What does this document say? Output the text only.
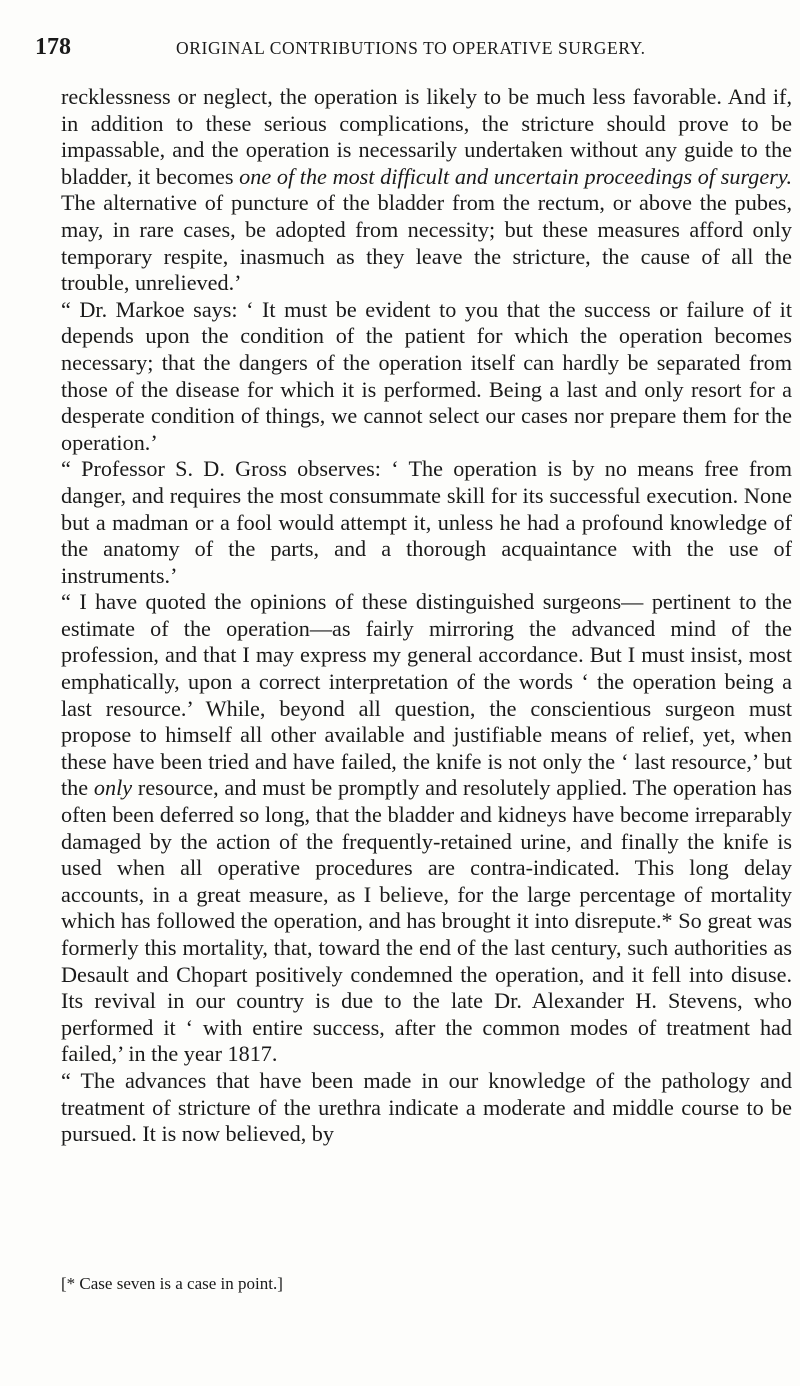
178	ORIGINAL CONTRIBUTIONS TO OPERATIVE SURGERY.

recklessness or neglect, the operation is likely to be much less favorable. And if, in addition to these serious complications, the stricture should prove to be impassable, and the operation is necessarily undertaken without any guide to the bladder, it becomes one of the most difficult and uncertain proceedings of surgery. The alternative of puncture of the bladder from the rectum, or above the pubes, may, in rare cases, be adopted from necessity; but these measures afford only temporary respite, inasmuch as they leave the stricture, the cause of all the trouble, unrelieved.’

“ Dr. Markoe says: ‘ It must be evident to you that the success or failure of it depends upon the condition of the patient for which the operation becomes necessary; that the dangers of the operation itself can hardly be separated from those of the disease for which it is performed. Being a last and only resort for a desperate condition of things, we cannot select our cases nor prepare them for the operation.’

“ Professor S. D. Gross observes: ‘ The operation is by no means free from danger, and requires the most consummate skill for its successful execution. None but a madman or a fool would attempt it, unless he had a profound knowledge of the anatomy of the parts, and a thorough acquaintance with the use of instruments.’

“ I have quoted the opinions of these distinguished surgeons— pertinent to the estimate of the operation—as fairly mirroring the advanced mind of the profession, and that I may express my general accordance. But I must insist, most emphatically, upon a correct interpretation of the words ‘ the operation being a last resource.’ While, beyond all question, the conscientious surgeon must propose to himself all other available and justifiable means of relief, yet, when these have been tried and have failed, the knife is not only the ‘ last resource,’ but the only resource, and must be promptly and resolutely applied. The operation has often been deferred so long, that the bladder and kidneys have become irreparably damaged by the action of the frequently-retained urine, and finally the knife is used when all operative procedures are contra-indicated. This long delay accounts, in a great measure, as I believe, for the large percentage of mortality which has followed the operation, and has brought it into disrepute.* So great was formerly this mortality, that, toward the end of the last century, such authorities as Desault and Chopart positively condemned the operation, and it fell into disuse. Its revival in our country is due to the late Dr. Alexander H. Stevens, who performed it ‘ with entire success, after the common modes of treatment had failed,’ in the year 1817.

“ The advances that have been made in our knowledge of the pathology and treatment of stricture of the urethra indicate a moderate and middle course to be pursued. It is now believed, by

[* Case seven is a case in point.]
